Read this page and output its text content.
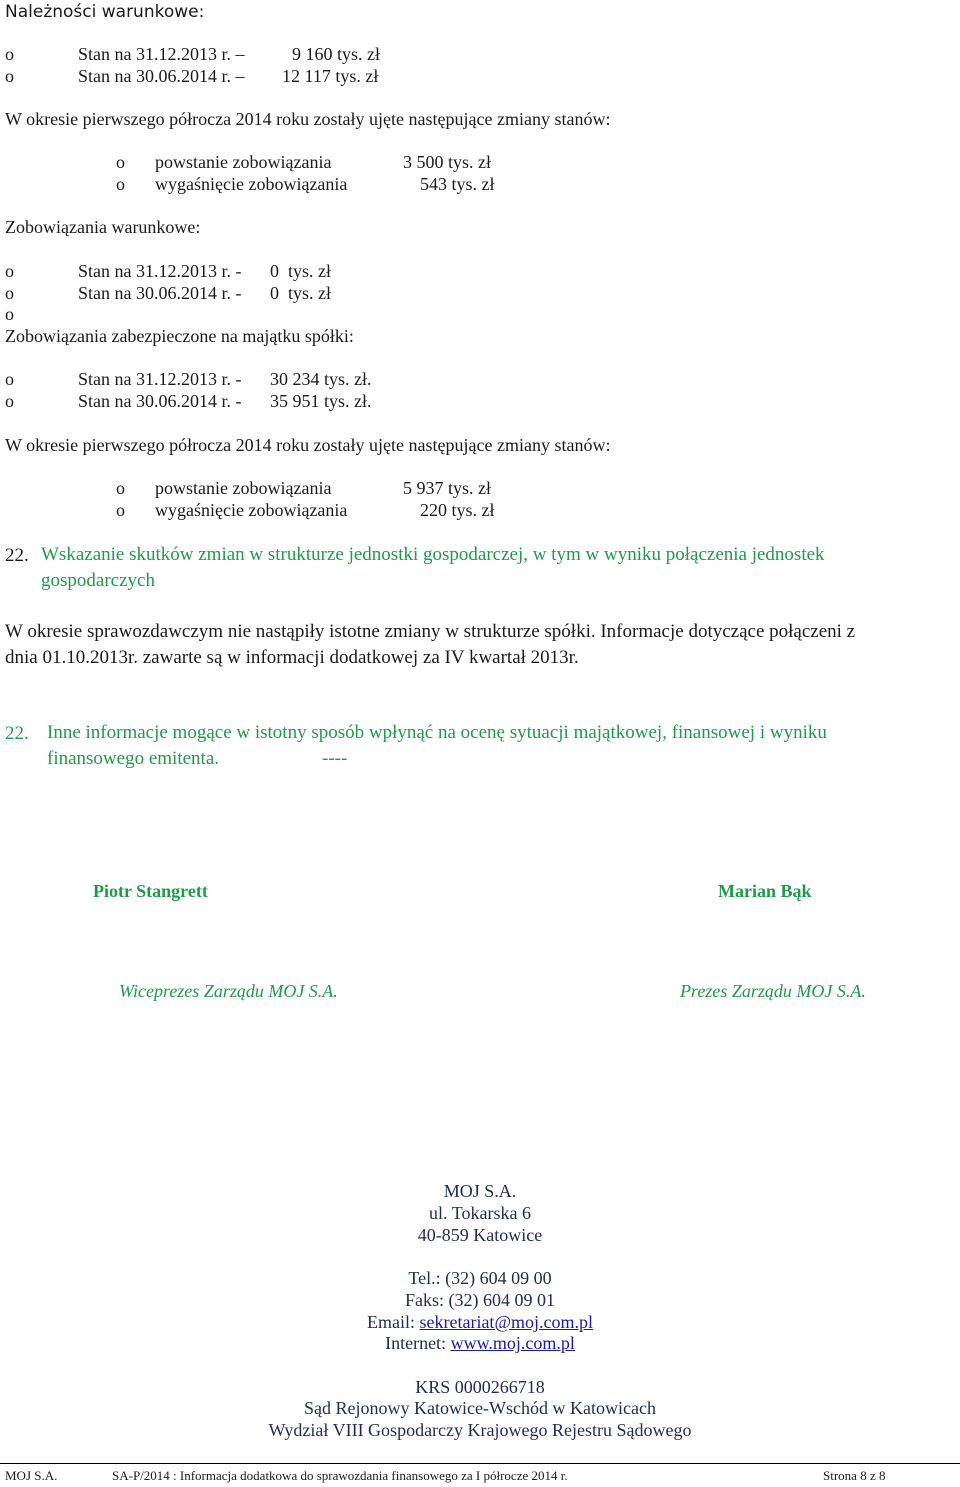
Należności warunkowe:
o	Stan na 31.12.2013 r. –	9 160 tys. zł
o	Stan na 30.06.2014 r. – 12 117 tys. zł
W okresie pierwszego półrocza 2014 roku zostały ujęte następujące zmiany stanów:
o powstanie zobowiązania	3 500 tys. zł
o wygaśnięcie zobowiązania	543 tys. zł
Zobowiązania warunkowe:
o	Stan na 31.12.2013 r. - 0  tys. zł
o	Stan na 30.06.2014 r. - 0  tys. zł
o
Zobowiązania zabezpieczone na majątku spółki:
o	Stan na 31.12.2013 r. - 30 234 tys. zł.
o	Stan na 30.06.2014 r. - 35 951 tys. zł.
W okresie pierwszego półrocza 2014 roku zostały ujęte następujące zmiany stanów:
o powstanie zobowiązania	5 937 tys. zł
o wygaśnięcie zobowiązania	220 tys. zł
22. Wskazanie skutków zmian w strukturze jednostki gospodarczej, w tym w wyniku połączenia jednostek
gospodarczych
W okresie sprawozdawczym nie nastąpiły istotne zmiany w strukturze spółki. Informacje dotyczące połączeni z
dnia 01.10.2013r. zawarte są w informacji dodatkowej za IV kwartał 2013r.
22. Inne informacje mogące w istotny sposób wpłynąć na ocenę sytuacji majątkowej, finansowej i wyniku
finansowego emitenta.	----
Piotr Stangrett	Marian Bąk
Wiceprezes Zarządu MOJ S.A.	Prezes Zarządu MOJ S.A.
MOJ S.A.
ul. Tokarska 6
40-859 Katowice
Tel.: (32) 604 09 00
Faks: (32) 604 09 01
Email: sekretariat@moj.com.pl
Internet: www.moj.com.pl
KRS 0000266718
Sąd Rejonowy Katowice-Wschód w Katowicach
Wydział VIII Gospodarczy Krajowego Rejestru Sądowego
MOJ S.A.	SA-P/2014 : Informacja dodatkowa do sprawozdania finansowego za I półrocze 2014 r.	Strona 8 z 8
